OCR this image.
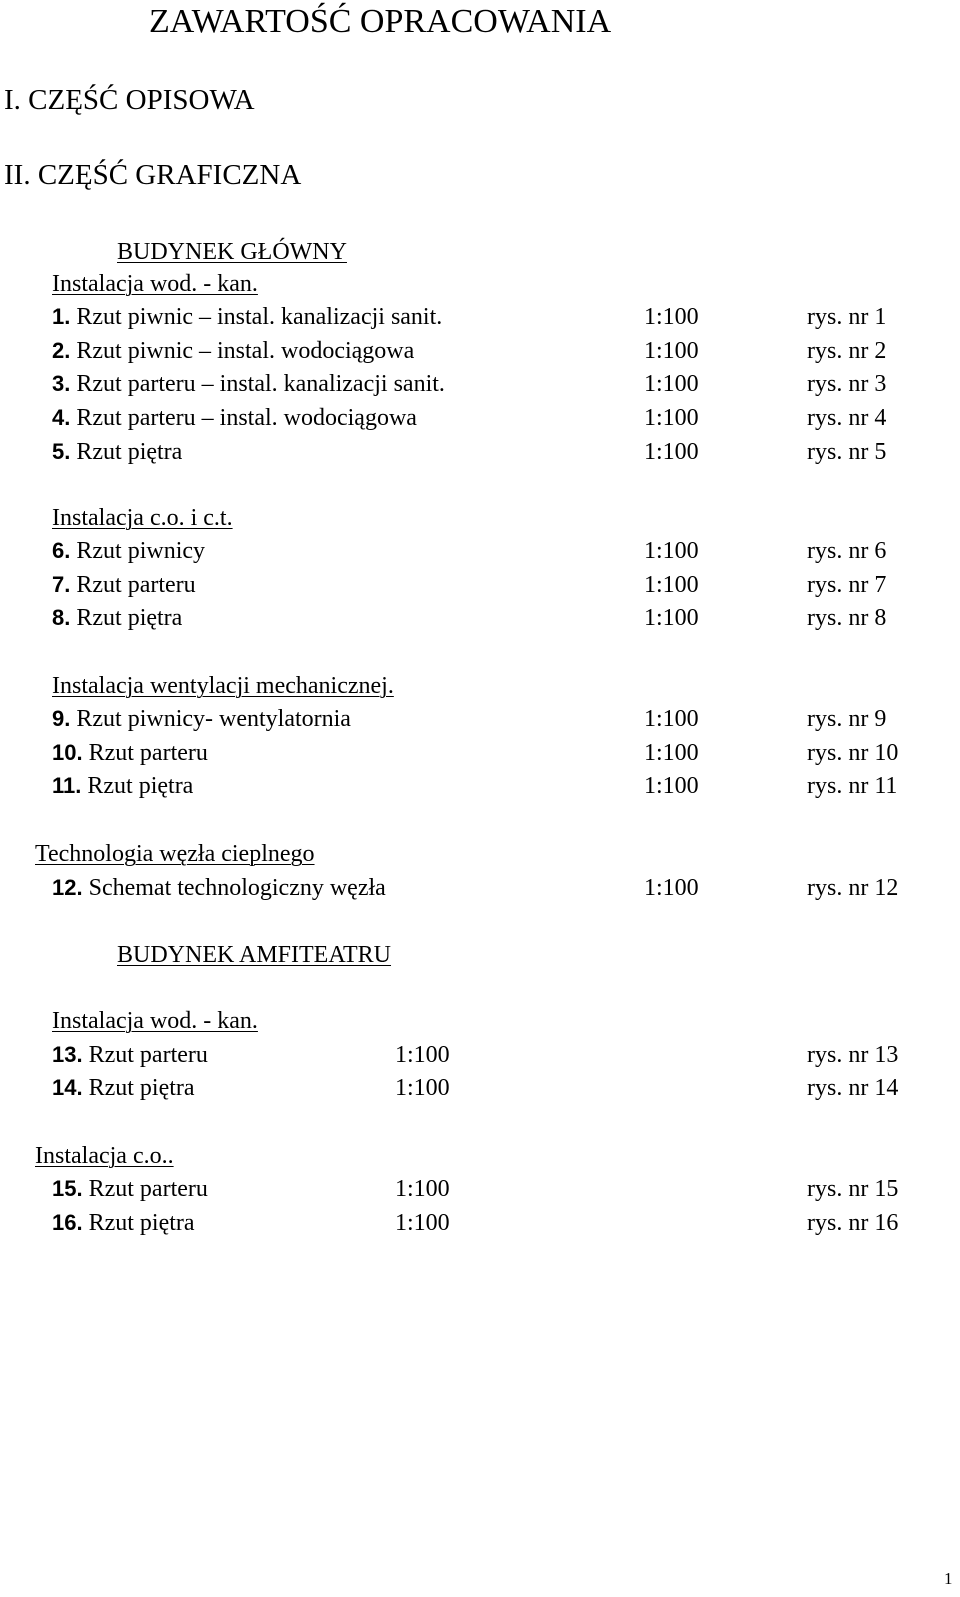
ZAWARTOŚĆ OPRACOWANIA
I. CZĘŚĆ OPISOWA
II. CZĘŚĆ GRAFICZNA
BUDYNEK GŁÓWNY
Instalacja wod. - kan.
1. Rzut piwnic – instal. kanalizacji sanit.	1:100	rys. nr 1
2. Rzut piwnic – instal. wodociągowa	1:100	rys. nr 2
3. Rzut parteru – instal. kanalizacji sanit.	1:100	rys. nr 3
4. Rzut parteru – instal. wodociągowa	1:100	rys. nr 4
5. Rzut piętra	1:100	rys. nr 5
Instalacja c.o. i c.t.
6. Rzut piwnicy	1:100	rys. nr 6
7. Rzut parteru	1:100	rys. nr 7
8. Rzut piętra	1:100	rys. nr 8
Instalacja wentylacji mechanicznej.
9. Rzut piwnicy- wentylatornia	1:100	rys. nr 9
10. Rzut parteru	1:100	rys. nr 10
11. Rzut piętra	1:100	rys. nr 11
Technologia węzła cieplnego
12. Schemat technologiczny węzła	1:100	rys. nr 12
BUDYNEK AMFITEATRU
Instalacja wod. - kan.
13. Rzut parteru	1:100	rys. nr 13
14. Rzut piętra	1:100	rys. nr 14
Instalacja c.o..
15. Rzut parteru	1:100	rys. nr 15
16. Rzut piętra	1:100	rys. nr 16
1
